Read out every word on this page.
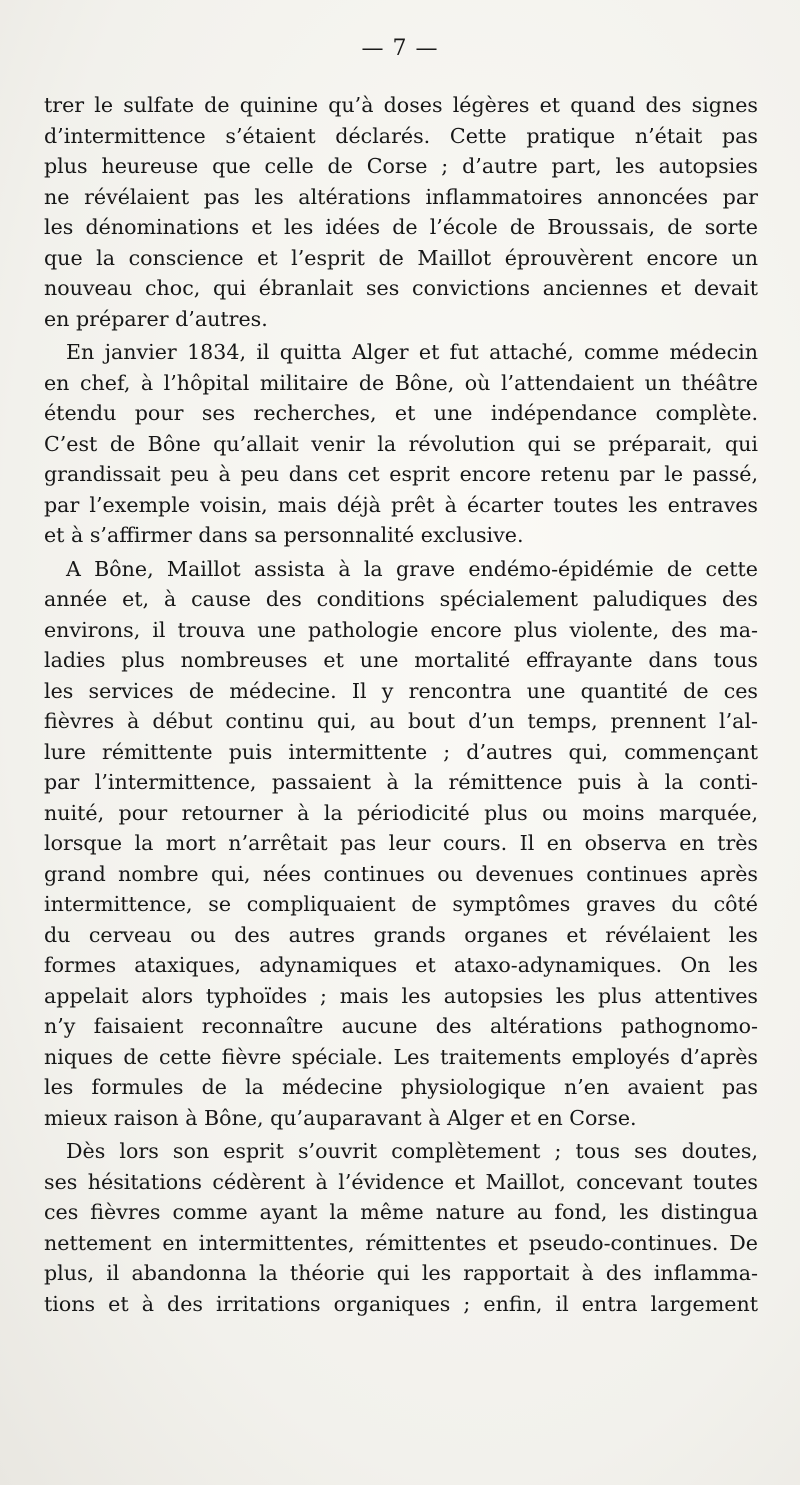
— 7 —
trer le sulfate de quinine qu’à doses légères et quand des signes
d’intermittence s’étaient déclarés. Cette pratique n’était pas
plus heureuse que celle de Corse ; d’autre part, les autopsies
ne révélaient pas les altérations inflammatoires annoncées par
les dénominations et les idées de l’école de Broussais, de sorte
que la conscience et l’esprit de Maillot éprouvèrent encore un
nouveau choc, qui ébranlait ses convictions anciennes et devait
en préparer d’autres.
En janvier 1834, il quitta Alger et fut attaché, comme médecin
en chef, à l’hôpital militaire de Bône, où l’attendaient un théâtre
étendu pour ses recherches, et une indépendance complète.
C’est de Bône qu’allait venir la révolution qui se préparait, qui
grandissait peu à peu dans cet esprit encore retenu par le passé,
par l’exemple voisin, mais déjà prêt à écarter toutes les entraves
et à s’affirmer dans sa personnalité exclusive.
A Bône, Maillot assista à la grave endémo-épidémie de cette
année et, à cause des conditions spécialement paludiques des
environs, il trouva une pathologie encore plus violente, des ma-
ladies plus nombreuses et une mortalité effrayante dans tous
les services de médecine. Il y rencontra une quantité de ces
fièvres à début continu qui, au bout d’un temps, prennent l’al-
lure rémittente puis intermittente ; d’autres qui, commençant
par l’intermittence, passaient à la rémittence puis à la conti-
nuité, pour retourner à la périodicité plus ou moins marquée,
lorsque la mort n’arrêtait pas leur cours. Il en observa en très
grand nombre qui, nées continues ou devenues continues après
intermittence, se compliquaient de symptômes graves du côté
du cerveau ou des autres grands organes et révélaient les
formes ataxiques, adynamiques et ataxo-adynamiques. On les
appelait alors typhoïdes ; mais les autopsies les plus attentives
n’y faisaient reconnaître aucune des altérations pathognomo-
niques de cette fièvre spéciale. Les traitements employés d’après
les formules de la médecine physiologique n’en avaient pas
mieux raison à Bône, qu’auparavant à Alger et en Corse.
Dès lors son esprit s’ouvrit complètement ; tous ses doutes,
ses hésitations cédèrent à l’évidence et Maillot, concevant toutes
ces fièvres comme ayant la même nature au fond, les distingua
nettement en intermittentes, rémittentes et pseudo-continues. De
plus, il abandonna la théorie qui les rapportait à des inflamma-
tions et à des irritations organiques ; enfin, il entra largement
